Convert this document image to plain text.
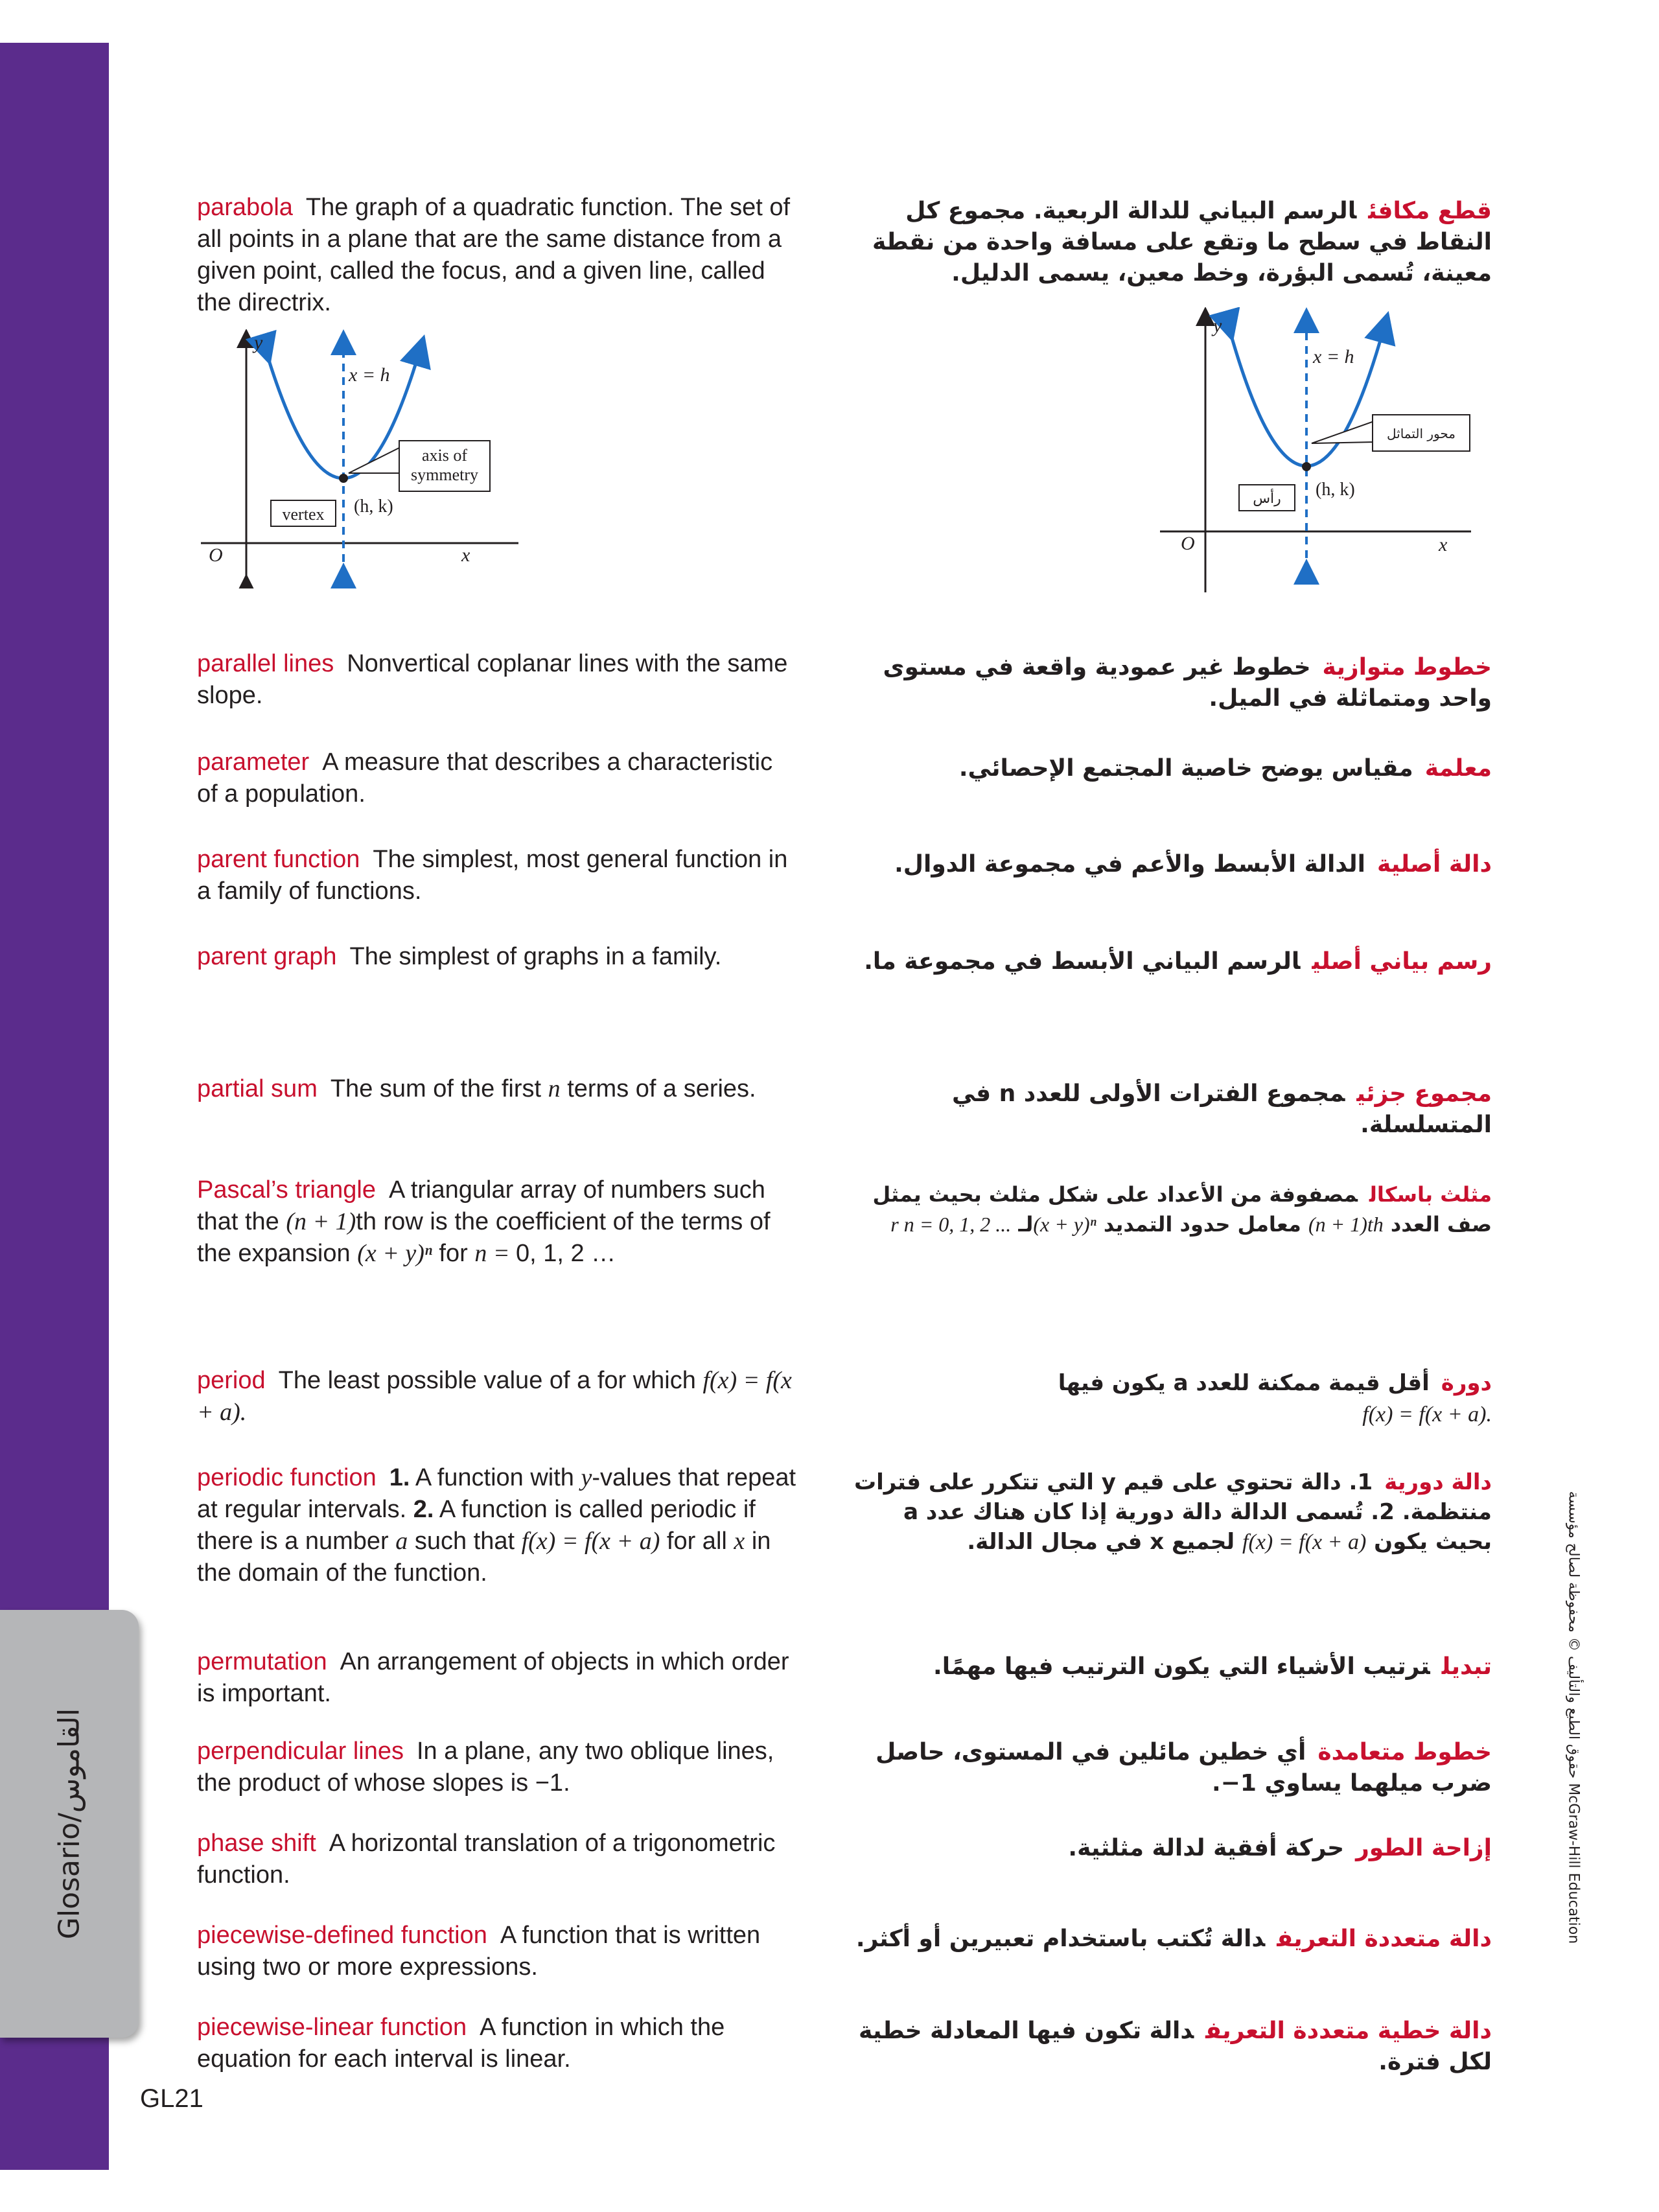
Glosario/القاموس	حقوق الطبع والتأليف © محفوظة لصالح مؤسسة McGraw-Hill Education
GL21
parabola The graph of a quadratic function. The set of all points in a plane that are the same distance from a given point, called the focus, and a given line, called the directrix.
y
O	x
x = h
axis of
symmetry
vertex (h, k)
parallel lines Nonvertical coplanar lines with the same slope.
parameter A measure that describes a characteristic of a population.
parent function The simplest, most general function in a family of functions.
parent graph The simplest of graphs in a family.
partial sum The sum of the first n terms of a series.
Pascal’s triangle A triangular array of numbers such that the (n + 1)th row is the coefficient of the terms of the expansion (x + y)ⁿ for n = 0, 1, 2 …
period The least possible value of a for which f(x) = f(x + a).
periodic function 1. A function with y-values that repeat at regular intervals. 2. A function is called periodic if there is a number a such that f(x) = f(x + a) for all x in the domain of the function.
permutation An arrangement of objects in which order is important.
perpendicular lines In a plane, any two oblique lines, the product of whose slopes is −1.
phase shift A horizontal translation of a trigonometric function.
piecewise-defined function A function that is written using two or more expressions.
piecewise-linear function A function in which the equation for each interval is linear.
قطع مكافئالرسم البياني للدالة الربعية. مجموع كل النقاط في سطح ما وتقع على مسافة واحدة من نقطة معينة، تُسمى البؤرة، وخط معين، يسمى الدليل.
y
O	x
x = h
محور التماثل
رأس (h, k)
خطوط متوازيةخطوط غير عمودية واقعة في مستوى واحد ومتماثلة في الميل.
معلمةمقياس يوضح خاصية المجتمع الإحصائي.
دالة أصليةالدالة الأبسط والأعم في مجموعة الدوال.
رسم بياني أصليالرسم البياني الأبسط في مجموعة ما.
مجموع جزئيمجموع الفترات الأولى للعدد n في المتسلسلة.
مثلث باسكالمصفوفة من الأعداد على شكل مثلث بحيث يمثل صف العدد (n + 1)th معامل حدود التمديد (x + y)ⁿلـ r n = 0, 1, 2 ...
دورةأقل قيمة ممكنة للعدد a يكون فيها
f(x) = f(x + a).
دالة دورية1. دالة تحتوي على قيم y التي تتكرر على فترات منتظمة. 2. تُسمى الدالة دالة دورية إذا كان هناك عدد a بحيث يكون f(x) = f(x + a) لجميع x في مجال الدالة.
تبديلترتيب الأشياء التي يكون الترتيب فيها مهمًا.
خطوط متعامدةأي خطين مائلين في المستوى، حاصل ضرب ميلهما يساوي 1−.
إزاحة الطورحركة أفقية لدالة مثلثية.
دالة متعددة التعريفدالة تُكتب باستخدام تعبيرين أو أكثر.
دالة خطية متعددة التعريفدالة تكون فيها المعادلة خطية لكل فترة.
